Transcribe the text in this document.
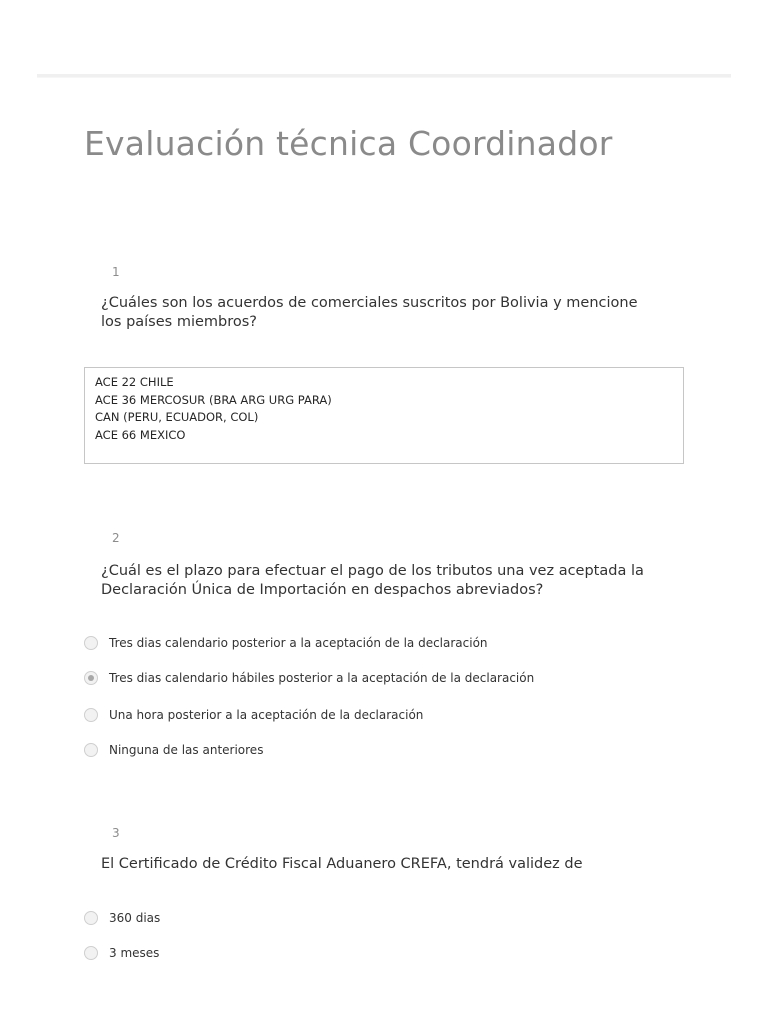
Evaluación técnica Coordinador
1

¿Cuáles son los acuerdos de comerciales suscritos por Bolivia y mencione los países miembros?

ACE 22 CHILE
ACE 36 MERCOSUR (BRA ARG URG PARA)
CAN (PERU, ECUADOR, COL)
ACE 66 MEXICO
2

¿Cuál es el plazo para efectuar el pago de los tributos una vez aceptada la Declaración Única de Importación en despachos abreviados?

Tres dias calendario posterior a la aceptación de la declaración
Tres dias calendario hábiles posterior a la aceptación de la declaración
Una hora posterior a la aceptación de la declaración
Ninguna de las anteriores
3

El Certificado de Crédito Fiscal Aduanero CREFA, tendrá validez de

360 dias
3 meses
